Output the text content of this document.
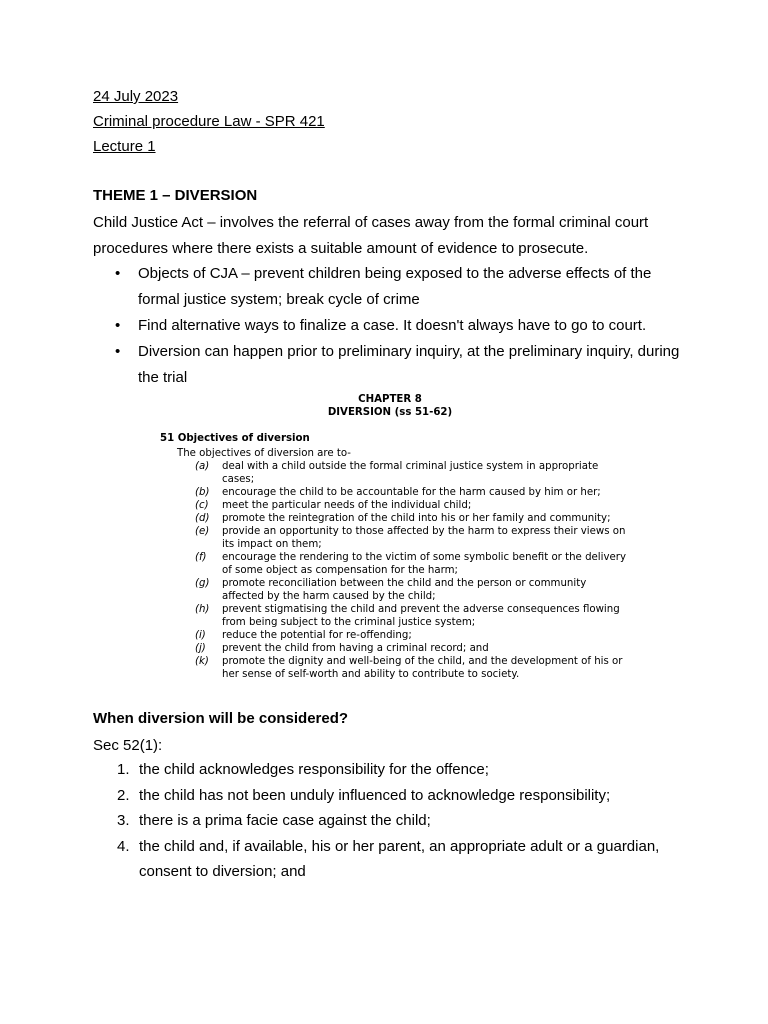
24 July 2023
Criminal procedure Law - SPR 421
Lecture 1
THEME 1 – DIVERSION
Child Justice Act – involves the referral of cases away from the formal criminal court procedures where there exists a suitable amount of evidence to prosecute.
• Objects of CJA – prevent children being exposed to the adverse effects of the formal justice system; break cycle of crime
• Find alternative ways to finalize a case. It doesn't always have to go to court.
• Diversion can happen prior to preliminary inquiry, at the preliminary inquiry, during the trial
CHAPTER 8
DIVERSION (ss 51-62)
51 Objectives of diversion
The objectives of diversion are to-
(a) deal with a child outside the formal criminal justice system in appropriate cases;
(b) encourage the child to be accountable for the harm caused by him or her;
(c) meet the particular needs of the individual child;
(d) promote the reintegration of the child into his or her family and community;
(e) provide an opportunity to those affected by the harm to express their views on its impact on them;
(f) encourage the rendering to the victim of some symbolic benefit or the delivery of some object as compensation for the harm;
(g) promote reconciliation between the child and the person or community affected by the harm caused by the child;
(h) prevent stigmatising the child and prevent the adverse consequences flowing from being subject to the criminal justice system;
(i) reduce the potential for re-offending;
(j) prevent the child from having a criminal record; and
(k) promote the dignity and well-being of the child, and the development of his or her sense of self-worth and ability to contribute to society.
When diversion will be considered?
Sec 52(1):
1. the child acknowledges responsibility for the offence;
2. the child has not been unduly influenced to acknowledge responsibility;
3. there is a prima facie case against the child;
4. the child and, if available, his or her parent, an appropriate adult or a guardian, consent to diversion; and
